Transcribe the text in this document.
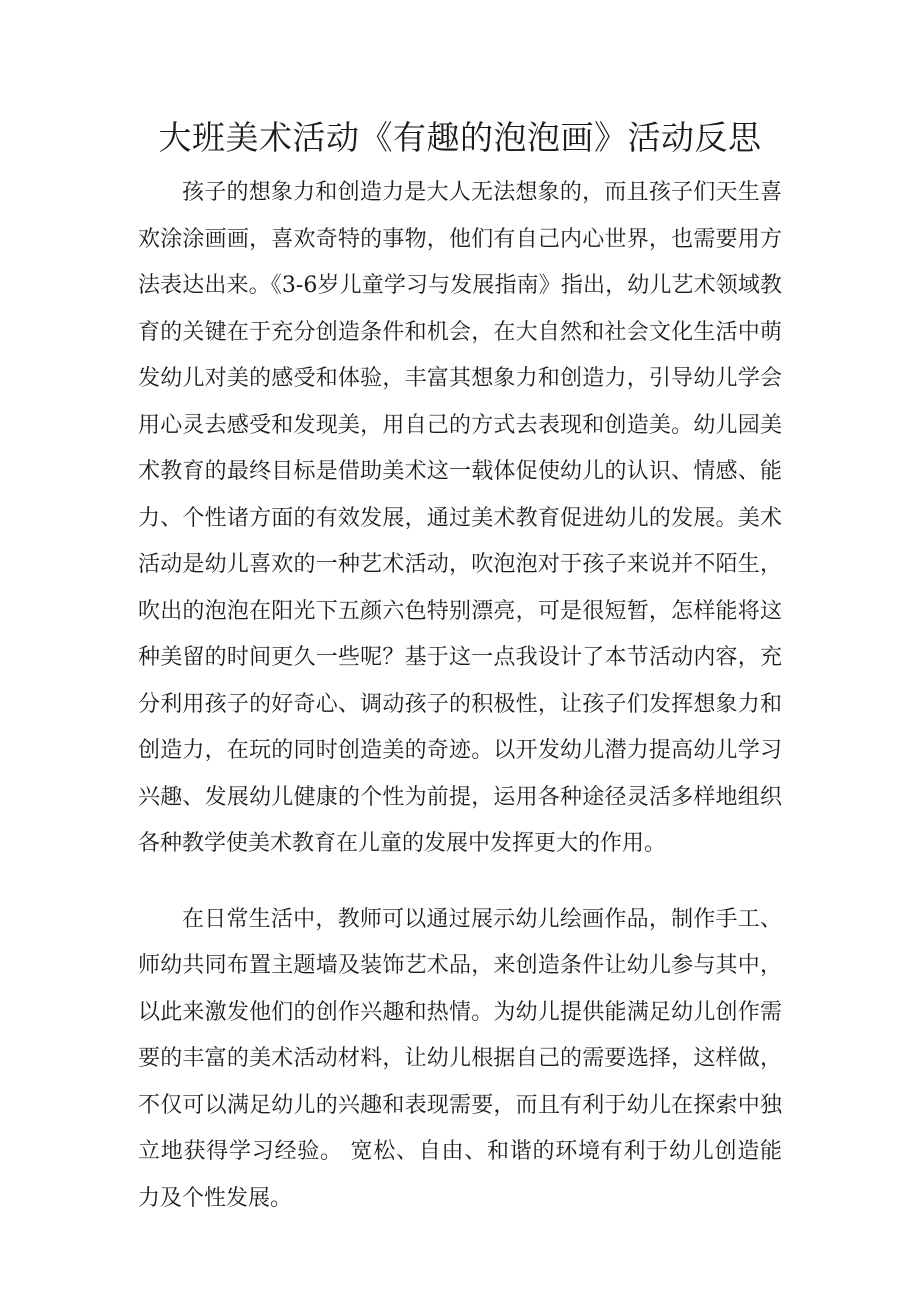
大班美术活动《有趣的泡泡画》活动反思

孩子的想象力和创造力是大人无法想象的，而且孩子们天生喜欢涂涂画画，喜欢奇特的事物，他们有自己内心世界，也需要用方法表达出来。《3-6岁儿童学习与发展指南》指出，幼儿艺术领域教育的关键在于充分创造条件和机会，在大自然和社会文化生活中萌发幼儿对美的感受和体验，丰富其想象力和创造力，引导幼儿学会用心灵去感受和发现美，用自己的方式去表现和创造美。幼儿园美术教育的最终目标是借助美术这一载体促使幼儿的认识、情感、能力、个性诸方面的有效发展，通过美术教育促进幼儿的发展。美术活动是幼儿喜欢的一种艺术活动，吹泡泡对于孩子来说并不陌生，吹出的泡泡在阳光下五颜六色特别漂亮，可是很短暂，怎样能将这种美留的时间更久一些呢？基于这一点我设计了本节活动内容，充分利用孩子的好奇心、调动孩子的积极性，让孩子们发挥想象力和创造力，在玩的同时创造美的奇迹。以开发幼儿潜力提高幼儿学习兴趣、发展幼儿健康的个性为前提，运用各种途径灵活多样地组织各种教学使美术教育在儿童的发展中发挥更大的作用。

在日常生活中，教师可以通过展示幼儿绘画作品，制作手工、师幼共同布置主题墙及装饰艺术品，来创造条件让幼儿参与其中，以此来激发他们的创作兴趣和热情。为幼儿提供能满足幼儿创作需要的丰富的美术活动材料，让幼儿根据自己的需要选择，这样做，不仅可以满足幼儿的兴趣和表现需要，而且有利于幼儿在探索中独立地获得学习经验。 宽松、自由、和谐的环境有利于幼儿创造能力及个性发展。
